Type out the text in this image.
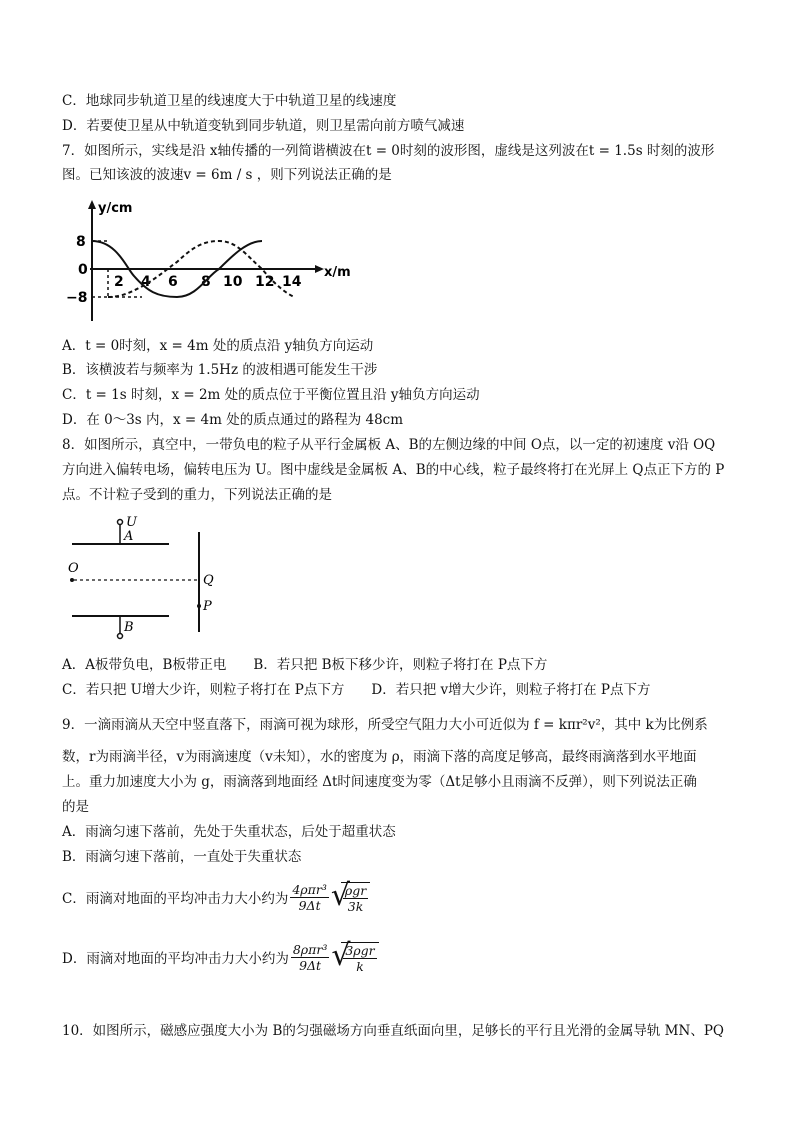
C．地球同步轨道卫星的线速度大于中轨道卫星的线速度
D．若要使卫星从中轨道变轨到同步轨道，则卫星需向前方喷气减速
7．如图所示，实线是沿 x轴传播的一列简谐横波在t = 0时刻的波形图，虚线是这列波在t = 1.5s 时刻的波形
图。已知该波的波速v = 6m / s ，则下列说法正确的是
y/cm
x/m
8
0
−8
2 4 6 8 10 12 14
A．t = 0时刻，x = 4m 处的质点沿 y轴负方向运动
B．该横波若与频率为 1.5Hz 的波相遇可能发生干涉
C．t = 1s 时刻，x = 2m 处的质点位于平衡位置且沿 y轴负方向运动
D．在 0～3s 内，x = 4m 处的质点通过的路程为 48cm
8．如图所示，真空中，一带负电的粒子从平行金属板 A、B的左侧边缘的中间 O点，以一定的初速度 v沿 OQ
方向进入偏转电场，偏转电压为 U。图中虚线是金属板 A、B的中心线，粒子最终将打在光屏上 Q点正下方的 P
点。不计粒子受到的重力，下列说法正确的是
U
A
B
O
Q
P
A．A板带负电，B板带正电　　B．若只把 B板下移少许，则粒子将打在 P点下方
C．若只把 U增大少许，则粒子将打在 P点下方　　D．若只把 v增大少许，则粒子将打在 P点下方
9．一滴雨滴从天空中竖直落下，雨滴可视为球形，所受空气阻力大小可近似为 f = kπr²v²，其中 k为比例系
数，r为雨滴半径，v为雨滴速度（v未知），水的密度为 ρ，雨滴下落的高度足够高，最终雨滴落到水平地面
上。重力加速度大小为 g，雨滴落到地面经 Δt时间速度变为零（Δt足够小且雨滴不反弹），则下列说法正确
的是
A．雨滴匀速下落前，先处于失重状态，后处于超重状态
B．雨滴匀速下落前，一直处于失重状态
C．雨滴对地面的平均冲击力大小约为 $\frac{\text{4ρπr³}}{9\Delta t}$ √
$\frac{\text{ρgr}}{3k}$
D．雨滴对地面的平均冲击力大小约为 $\frac{\text{8ρπr³}}{9\Delta t}$ √
$\frac{\text{3ρgr}}{k}$
10．如图所示，磁感应强度大小为 B的匀强磁场方向垂直纸面向里，足够长的平行且光滑的金属导轨 MN、PQ
